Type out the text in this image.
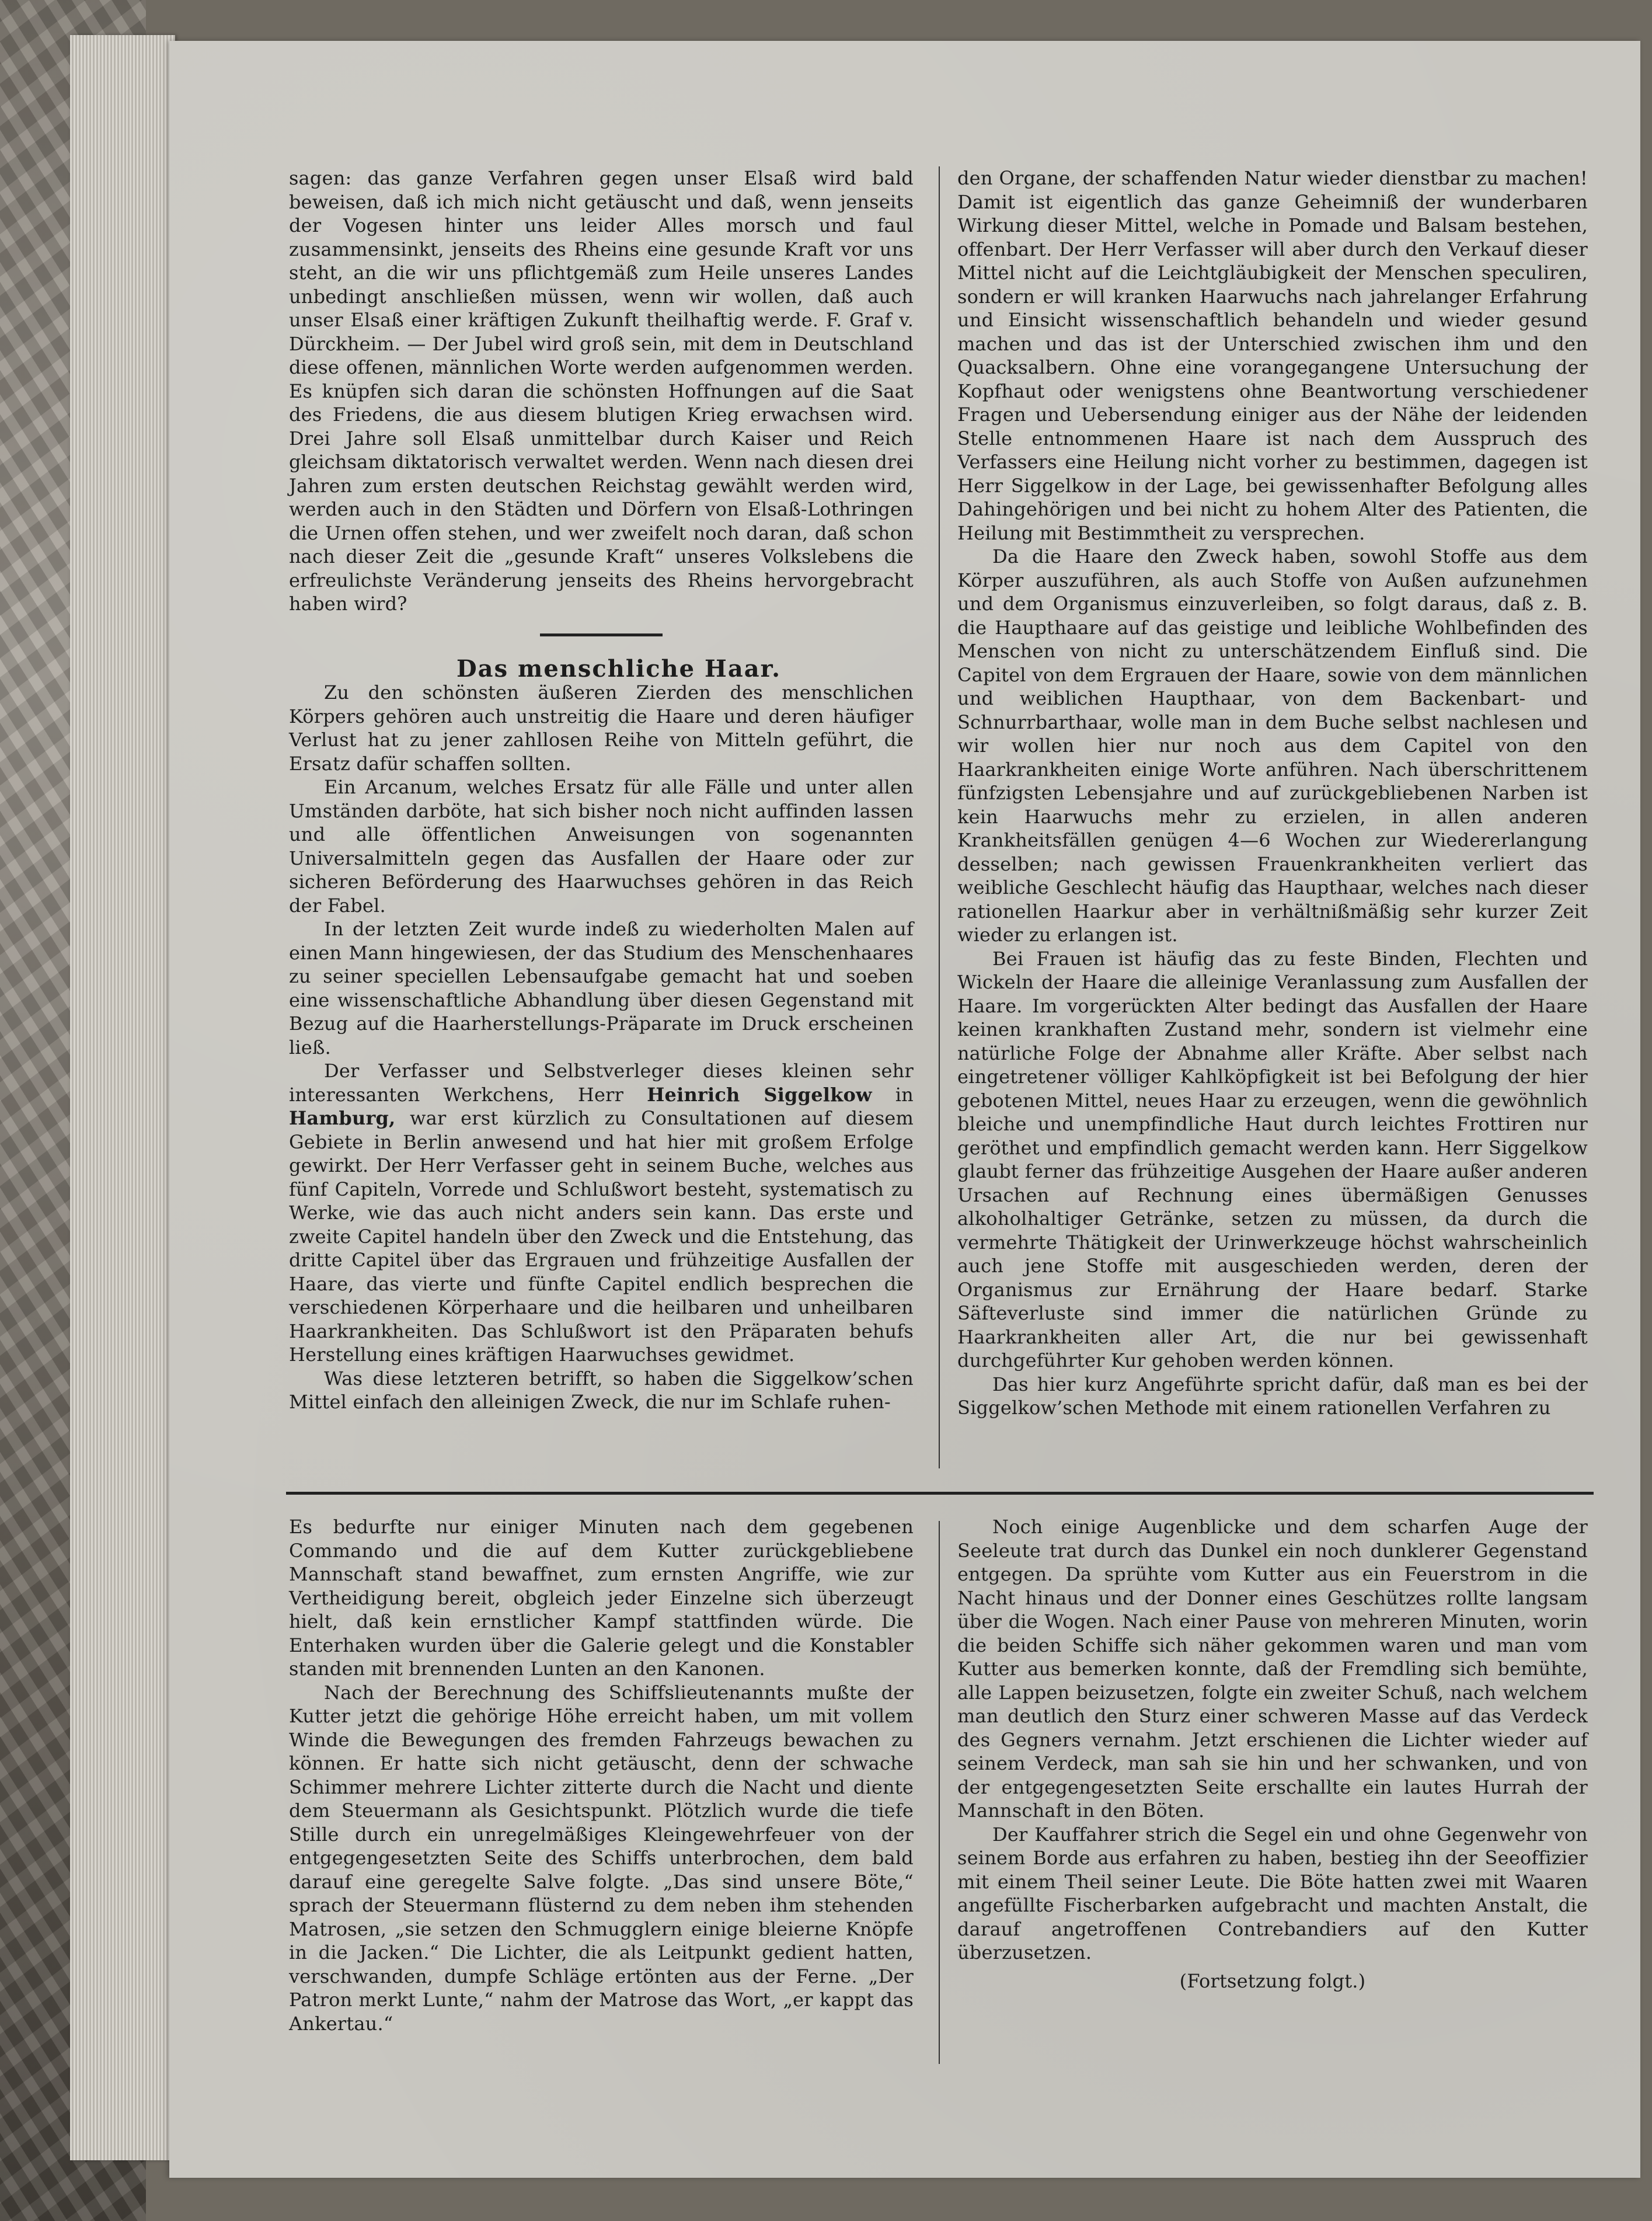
sagen: das ganze Verfahren gegen unser Elsaß wird bald beweisen, daß ich mich nicht getäuscht und daß, wenn jenseits der Vogesen hinter uns leider Alles morsch und faul zusammensinkt, jenseits des Rheins eine gesunde Kraft vor uns steht, an die wir uns pflichtgemäß zum Heile unseres Landes unbedingt anschließen müssen, wenn wir wollen, daß auch unser Elsaß einer kräftigen Zukunft theilhaftig werde. F. Graf v. Dürckheim. — Der Jubel wird groß sein, mit dem in Deutschland diese offenen, männlichen Worte werden aufgenommen werden. Es knüpfen sich daran die schönsten Hoffnungen auf die Saat des Friedens, die aus diesem blutigen Krieg erwachsen wird. Drei Jahre soll Elsaß unmittelbar durch Kaiser und Reich gleichsam diktatorisch verwaltet werden. Wenn nach diesen drei Jahren zum ersten deutschen Reichstag gewählt werden wird, werden auch in den Städten und Dörfern von Elsaß-Lothringen die Urnen offen stehen, und wer zweifelt noch daran, daß schon nach dieser Zeit die „gesunde Kraft“ unseres Volkslebens die erfreulichste Veränderung jenseits des Rheins hervorgebracht haben wird?

Das menschliche Haar.

Zu den schönsten äußeren Zierden des menschlichen Körpers gehören auch unstreitig die Haare und deren häufiger Verlust hat zu jener zahllosen Reihe von Mitteln geführt, die Ersatz dafür schaffen sollten.

Ein Arcanum, welches Ersatz für alle Fälle und unter allen Umständen darböte, hat sich bisher noch nicht auffinden lassen und alle öffentlichen Anweisungen von sogenannten Universalmitteln gegen das Ausfallen der Haare oder zur sicheren Beförderung des Haarwuchses gehören in das Reich der Fabel.

In der letzten Zeit wurde indeß zu wiederholten Malen auf einen Mann hingewiesen, der das Studium des Menschenhaares zu seiner speciellen Lebensaufgabe gemacht hat und soeben eine wissenschaftliche Abhandlung über diesen Gegenstand mit Bezug auf die Haarherstellungs-Präparate im Druck erscheinen ließ.

Der Verfasser und Selbstverleger dieses kleinen sehr interessanten Werkchens, Herr Heinrich Siggelkow in Hamburg, war erst kürzlich zu Consultationen auf diesem Gebiete in Berlin anwesend und hat hier mit großem Erfolge gewirkt. Der Herr Verfasser geht in seinem Buche, welches aus fünf Capiteln, Vorrede und Schlußwort besteht, systematisch zu Werke, wie das auch nicht anders sein kann. Das erste und zweite Capitel handeln über den Zweck und die Entstehung, das dritte Capitel über das Ergrauen und frühzeitige Ausfallen der Haare, das vierte und fünfte Capitel endlich besprechen die verschiedenen Körperhaare und die heilbaren und unheilbaren Haarkrankheiten. Das Schlußwort ist den Präparaten behufs Herstellung eines kräftigen Haarwuchses gewidmet.

Was diese letzteren betrifft, so haben die Siggelkow’schen Mittel einfach den alleinigen Zweck, die nur im Schlafe ruhen-

den Organe, der schaffenden Natur wieder dienstbar zu machen! Damit ist eigentlich das ganze Geheimniß der wunderbaren Wirkung dieser Mittel, welche in Pomade und Balsam bestehen, offenbart. Der Herr Verfasser will aber durch den Verkauf dieser Mittel nicht auf die Leichtgläubigkeit der Menschen speculiren, sondern er will kranken Haarwuchs nach jahrelanger Erfahrung und Einsicht wissenschaftlich behandeln und wieder gesund machen und das ist der Unterschied zwischen ihm und den Quacksalbern. Ohne eine vorangegangene Untersuchung der Kopfhaut oder wenigstens ohne Beantwortung verschiedener Fragen und Uebersendung einiger aus der Nähe der leidenden Stelle entnommenen Haare ist nach dem Ausspruch des Verfassers eine Heilung nicht vorher zu bestimmen, dagegen ist Herr Siggelkow in der Lage, bei gewissenhafter Befolgung alles Dahingehörigen und bei nicht zu hohem Alter des Patienten, die Heilung mit Bestimmtheit zu versprechen.

Da die Haare den Zweck haben, sowohl Stoffe aus dem Körper auszuführen, als auch Stoffe von Außen aufzunehmen und dem Organismus einzuverleiben, so folgt daraus, daß z. B. die Haupthaare auf das geistige und leibliche Wohlbefinden des Menschen von nicht zu unterschätzendem Einfluß sind. Die Capitel von dem Ergrauen der Haare, sowie von dem männlichen und weiblichen Haupthaar, von dem Backenbart- und Schnurrbarthaar, wolle man in dem Buche selbst nachlesen und wir wollen hier nur noch aus dem Capitel von den Haarkrankheiten einige Worte anführen. Nach überschrittenem fünfzigsten Lebensjahre und auf zurückgebliebenen Narben ist kein Haarwuchs mehr zu erzielen, in allen anderen Krankheitsfällen genügen 4—6 Wochen zur Wiedererlangung desselben; nach gewissen Frauenkrankheiten verliert das weibliche Geschlecht häufig das Haupthaar, welches nach dieser rationellen Haarkur aber in verhältnißmäßig sehr kurzer Zeit wieder zu erlangen ist.

Bei Frauen ist häufig das zu feste Binden, Flechten und Wickeln der Haare die alleinige Veranlassung zum Ausfallen der Haare. Im vorgerückten Alter bedingt das Ausfallen der Haare keinen krankhaften Zustand mehr, sondern ist vielmehr eine natürliche Folge der Abnahme aller Kräfte. Aber selbst nach eingetretener völliger Kahlköpfigkeit ist bei Befolgung der hier gebotenen Mittel, neues Haar zu erzeugen, wenn die gewöhnlich bleiche und unempfindliche Haut durch leichtes Frottiren nur geröthet und empfindlich gemacht werden kann. Herr Siggelkow glaubt ferner das frühzeitige Ausgehen der Haare außer anderen Ursachen auf Rechnung eines übermäßigen Genusses alkoholhaltiger Getränke, setzen zu müssen, da durch die vermehrte Thätigkeit der Urinwerkzeuge höchst wahrscheinlich auch jene Stoffe mit ausgeschieden werden, deren der Organismus zur Ernährung der Haare bedarf. Starke Säfteverluste sind immer die natürlichen Gründe zu Haarkrankheiten aller Art, die nur bei gewissenhaft durchgeführter Kur gehoben werden können.

Das hier kurz Angeführte spricht dafür, daß man es bei der Siggelkow’schen Methode mit einem rationellen Verfahren zu

Es bedurfte nur einiger Minuten nach dem gegebenen Commando und die auf dem Kutter zurückgebliebene Mannschaft stand bewaffnet, zum ernsten Angriffe, wie zur Vertheidigung bereit, obgleich jeder Einzelne sich überzeugt hielt, daß kein ernstlicher Kampf stattfinden würde. Die Enterhaken wurden über die Galerie gelegt und die Konstabler standen mit brennenden Lunten an den Kanonen.

Nach der Berechnung des Schiffslieutenannts mußte der Kutter jetzt die gehörige Höhe erreicht haben, um mit vollem Winde die Bewegungen des fremden Fahrzeugs bewachen zu können. Er hatte sich nicht getäuscht, denn der schwache Schimmer mehrere Lichter zitterte durch die Nacht und diente dem Steuermann als Gesichtspunkt. Plötzlich wurde die tiefe Stille durch ein unregelmäßiges Kleingewehrfeuer von der entgegengesetzten Seite des Schiffs unterbrochen, dem bald darauf eine geregelte Salve folgte. „Das sind unsere Böte,“ sprach der Steuermann flüsternd zu dem neben ihm stehenden Matrosen, „sie setzen den Schmugglern einige bleierne Knöpfe in die Jacken.“ Die Lichter, die als Leitpunkt gedient hatten, verschwanden, dumpfe Schläge ertönten aus der Ferne. „Der Patron merkt Lunte,“ nahm der Matrose das Wort, „er kappt das Ankertau.“

Noch einige Augenblicke und dem scharfen Auge der Seeleute trat durch das Dunkel ein noch dunklerer Gegenstand entgegen. Da sprühte vom Kutter aus ein Feuerstrom in die Nacht hinaus und der Donner eines Geschützes rollte langsam über die Wogen. Nach einer Pause von mehreren Minuten, worin die beiden Schiffe sich näher gekommen waren und man vom Kutter aus bemerken konnte, daß der Fremdling sich bemühte, alle Lappen beizusetzen, folgte ein zweiter Schuß, nach welchem man deutlich den Sturz einer schweren Masse auf das Verdeck des Gegners vernahm. Jetzt erschienen die Lichter wieder auf seinem Verdeck, man sah sie hin und her schwanken, und von der entgegengesetzten Seite erschallte ein lautes Hurrah der Mannschaft in den Böten.

Der Kauffahrer strich die Segel ein und ohne Gegenwehr von seinem Borde aus erfahren zu haben, bestieg ihn der Seeoffizier mit einem Theil seiner Leute. Die Böte hatten zwei mit Waaren angefüllte Fischerbarken aufgebracht und machten Anstalt, die darauf angetroffenen Contrebandiers auf den Kutter überzusetzen.

(Fortsetzung folgt.)
